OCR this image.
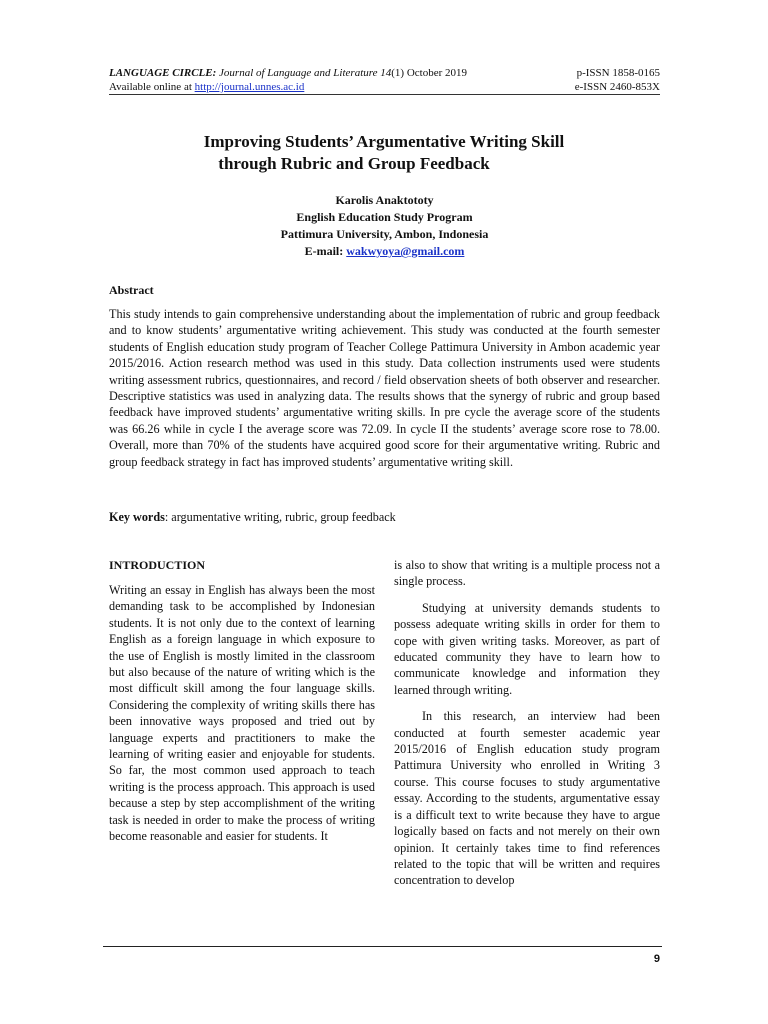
LANGUAGE CIRCLE: Journal of Language and Literature 14(1) October 2019	p-ISSN 1858-0165
Available online at http://journal.unnes.ac.id	e-ISSN 2460-853X
Improving Students’ Argumentative Writing Skill
through Rubric and Group Feedback
Karolis Anaktototy
English Education Study Program
Pattimura University, Ambon, Indonesia
E-mail: wakwyoya@gmail.com
Abstract

This study intends to gain comprehensive understanding about the implementation of rubric and group feedback and to know students’ argumentative writing achievement. This study was conducted at the fourth semester students of English education study program of Teacher College Pattimura University in Ambon academic year 2015/2016. Action research method was used in this study. Data collection instruments used were students writing assessment rubrics, questionnaires, and record / field observation sheets of both observer and researcher. Descriptive statistics was used in analyzing data. The results shows that the synergy of rubric and group based feedback have improved students’ argumentative writing skills. In pre cycle the average score of the students was 66.26 while in cycle I the average score was 72.09. In cycle II the students’ average score rose to 78.00. Overall, more than 70% of the students have acquired good score for their argumentative writing. Rubric and group feedback strategy in fact has improved students’ argumentative writing skill.

Key words: argumentative writing, rubric, group feedback
INTRODUCTION

Writing an essay in English has always been the most demanding task to be accomplished by Indonesian students. It is not only due to the context of learning English as a foreign language in which exposure to the use of English is mostly limited in the classroom but also because of the nature of writing which is the most difficult skill among the four language skills. Considering the complexity of writing skills there has been innovative ways proposed and tried out by language experts and practitioners to make the learning of writing easier and enjoyable for students. So far, the most common used approach to teach writing is the process approach. This approach is used because a step by step accomplishment of the writing task is needed in order to make the process of writing become reasonable and easier for students. It

is also to show that writing is a multiple process not a single process.

Studying at university demands students to possess adequate writing skills in order for them to cope with given writing tasks. Moreover, as part of educated community they have to learn how to communicate knowledge and information they learned through writing.

In this research, an interview had been conducted at fourth semester academic year 2015/2016 of English education study program Pattimura University who enrolled in Writing 3 course. This course focuses to study argumentative essay. According to the students, argumentative essay is a difficult text to write because they have to argue logically based on facts and not merely on their own opinion. It certainly takes time to find references related to the topic that will be written and requires concentration to develop

9
